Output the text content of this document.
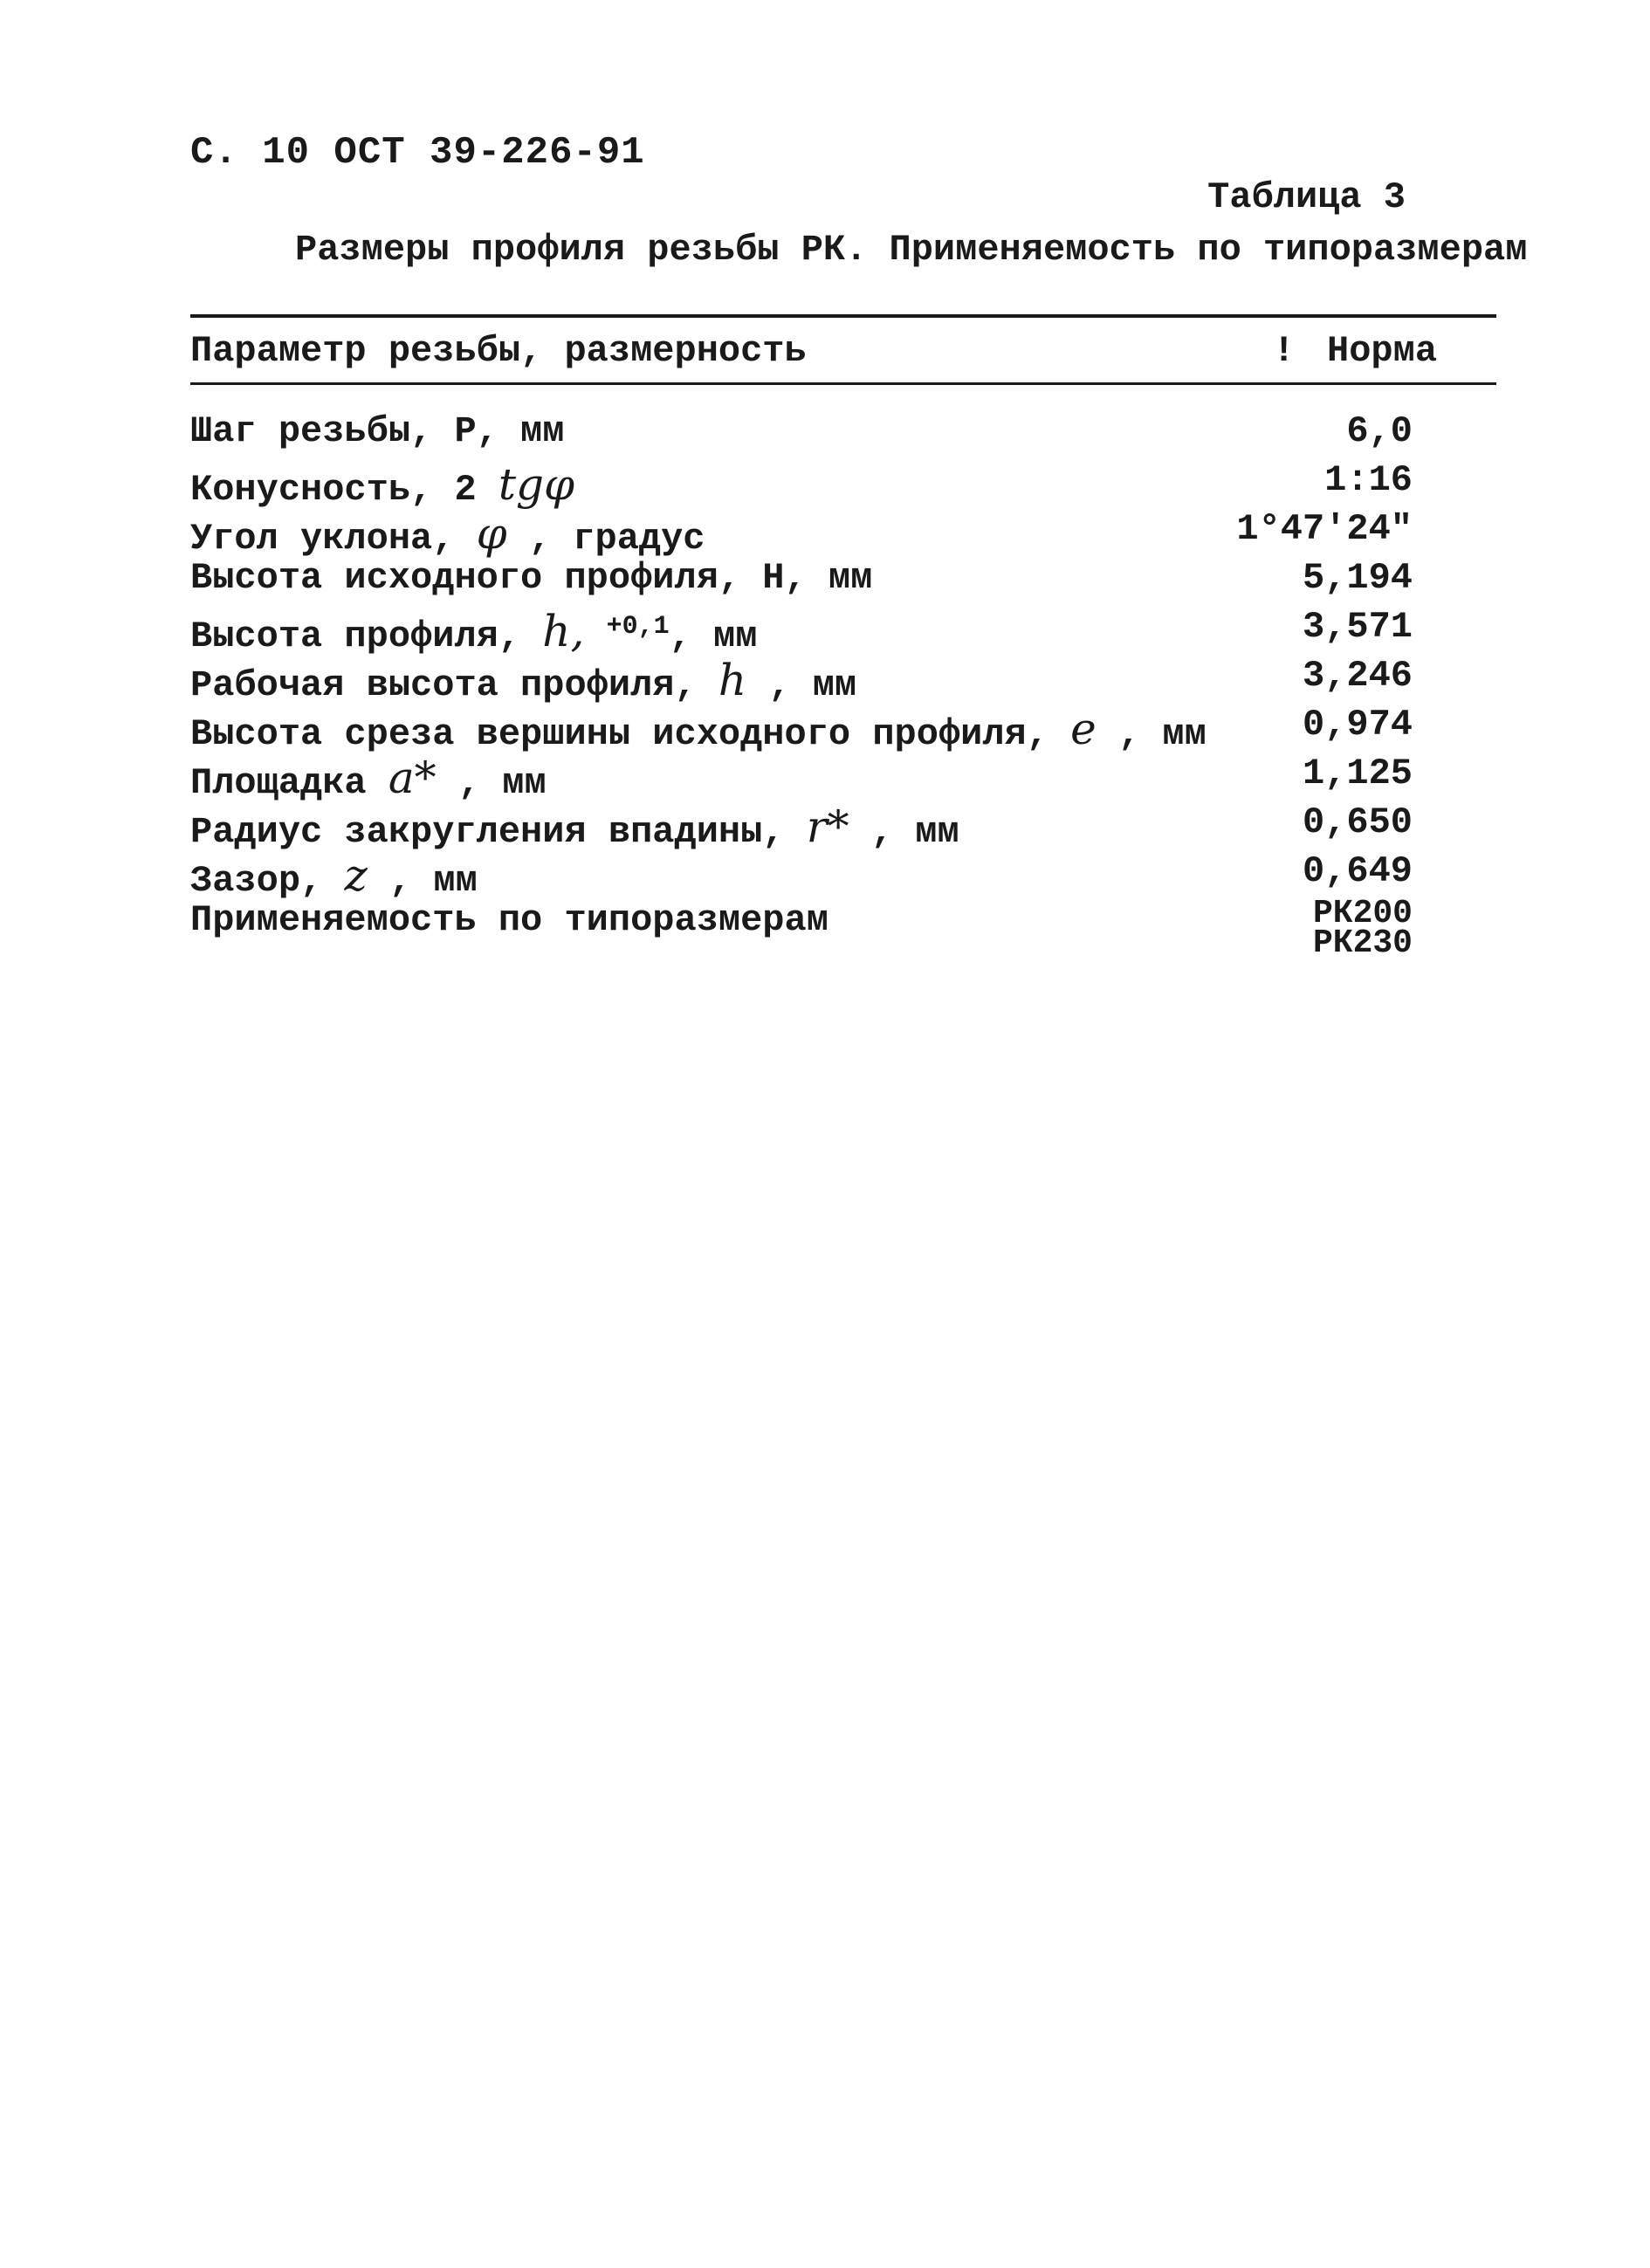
С. 10 ОСТ 39-226-91
Таблица 3
Размеры профиля резьбы РК. Применяемость по типоразмерам
Параметр резьбы, размерность	! Норма
Шаг резьбы, Р, мм	6,0
Конусность, 2 tgφ	1:16
Угол уклона, φ , градус	1°47'24"
Высота исходного профиля, Н, мм	5,194
Высота профиля, h, $^{+0,1}$, мм	3,571
Рабочая высота профиля, h , мм	3,246
Высота среза вершины исходного профиля, e , мм	0,974
Площадка a* , мм	1,125
Радиус закругления впадины, r* , мм	0,650
Зазор, z , мм	0,649
Применяемость по типоразмерам	РК200
РК230
